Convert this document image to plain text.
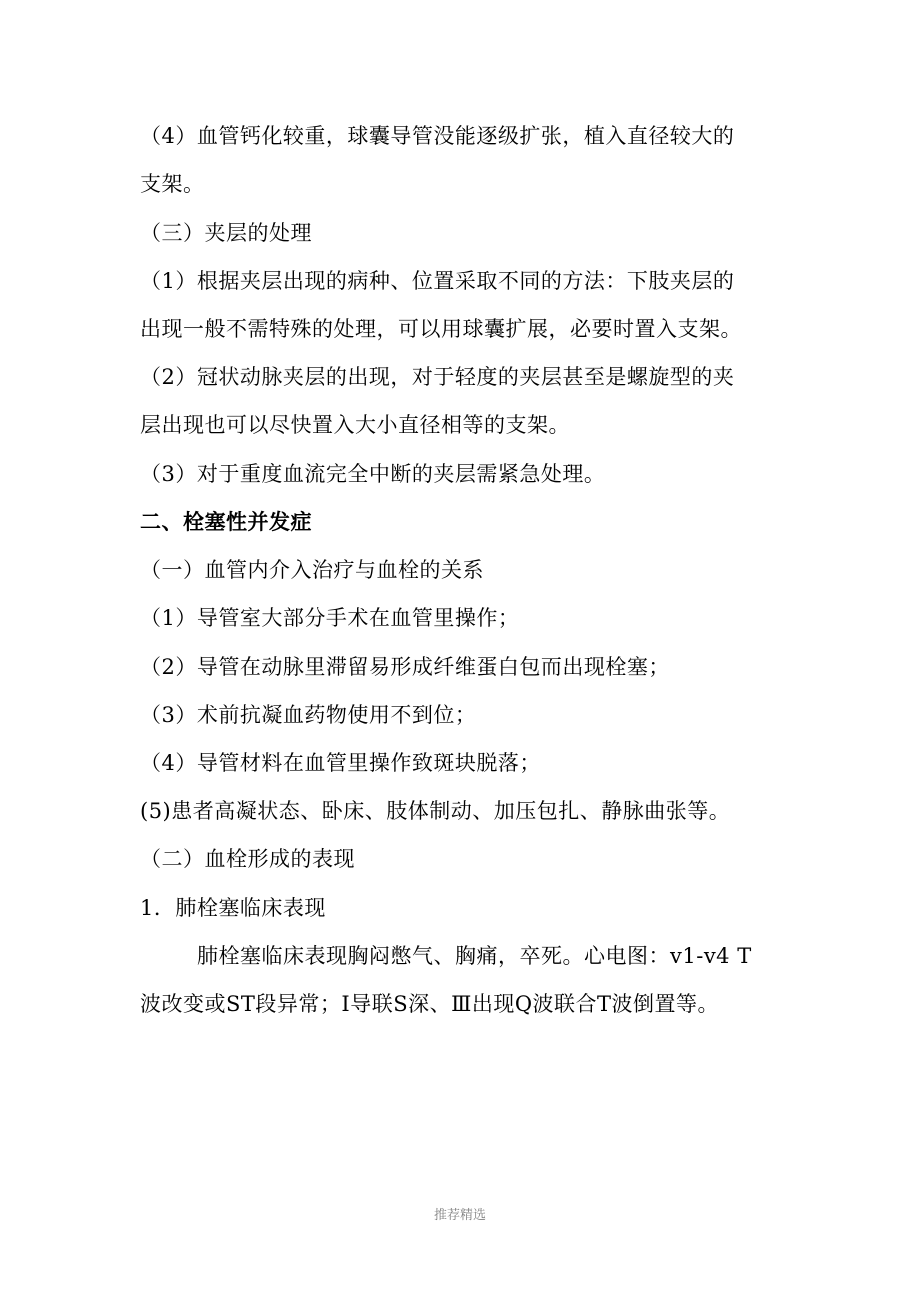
（4）血管钙化较重，球囊导管没能逐级扩张，植入直径较大的
支架。
（三）夹层的处理
（1）根据夹层出现的病种、位置采取不同的方法：下肢夹层的
出现一般不需特殊的处理，可以用球囊扩展，必要时置入支架。
（2）冠状动脉夹层的出现，对于轻度的夹层甚至是螺旋型的夹
层出现也可以尽快置入大小直径相等的支架。
（3）对于重度血流完全中断的夹层需紧急处理。
二、栓塞性并发症
（一）血管内介入治疗与血栓的关系
（1）导管室大部分手术在血管里操作；
（2）导管在动脉里滞留易形成纤维蛋白包而出现栓塞；
（3）术前抗凝血药物使用不到位；
（4）导管材料在血管里操作致斑块脱落；
(5)患者高凝状态、卧床、肢体制动、加压包扎、静脉曲张等。
（二）血栓形成的表现
1．肺栓塞临床表现
肺栓塞临床表现胸闷憋气、胸痛，卒死。心电图：v1-v4 T
波改变或ST段异常；Ⅰ导联S深、Ⅲ出现Q波联合T波倒置等。
推荐精选
